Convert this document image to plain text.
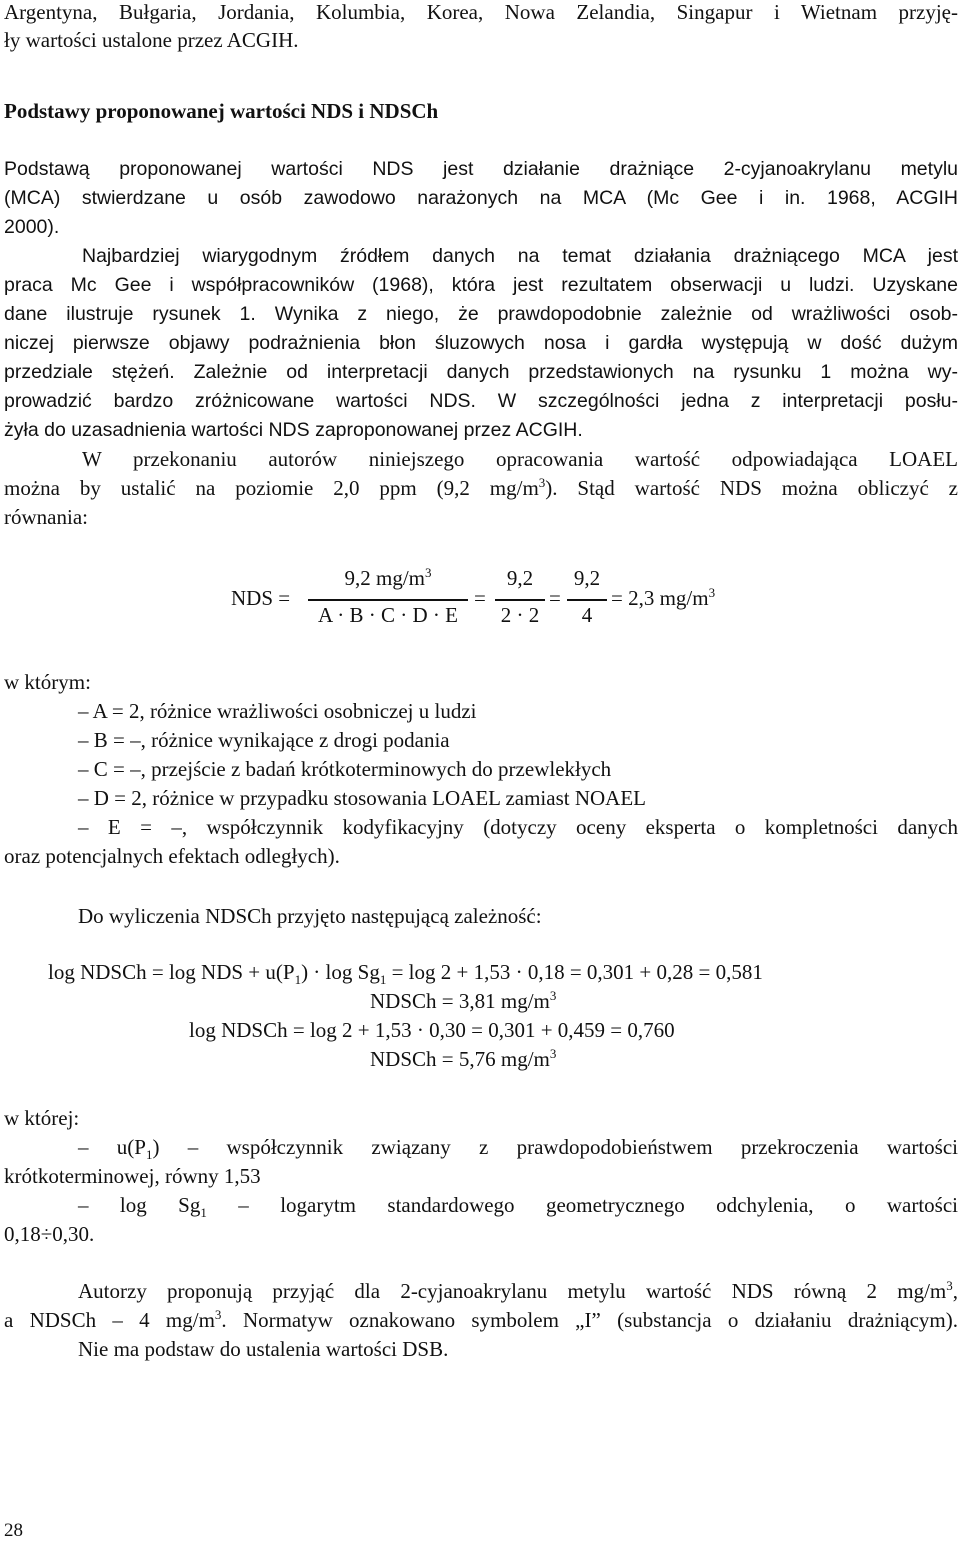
Argentyna, Bułgaria, Jordania, Kolumbia, Korea, Nowa Zelandia, Singapur i Wietnam przyję-
ły wartości ustalone przez ACGIH.
Podstawy proponowanej wartości NDS i NDSCh
Podstawą proponowanej wartości NDS jest działanie drażniące 2-cyjanoakrylanu metylu
(MCA) stwierdzane u osób zawodowo narażonych na MCA (Mc Gee i in. 1968, ACGIH
2000).
Najbardziej wiarygodnym źródłem danych na temat działania drażniącego MCA jest
praca Mc Gee i współpracowników (1968), która jest rezultatem obserwacji u ludzi. Uzyskane
dane ilustruje rysunek 1. Wynika z niego, że prawdopodobnie zależnie od wrażliwości osob-
niczej pierwsze objawy podrażnienia błon śluzowych nosa i gardła występują w dość dużym
przedziale stężeń. Zależnie od interpretacji danych przedstawionych na rysunku 1 można wy-
prowadzić bardzo zróżnicowane wartości NDS. W szczególności jedna z interpretacji posłu-
żyła do uzasadnienia wartości NDS zaproponowanej przez ACGIH.
W przekonaniu autorów niniejszego opracowania wartość odpowiadająca LOAEL
można by ustalić na poziomie 2,0 ppm (9,2 $mg/m^3$). Stąd wartość NDS można obliczyć z
równania:
NDS =
9,2 $mg/m^3$
A · B · C · D · E
=
9,2
2 · 2
=
9,2
4
= 2,3 $mg/m^3$
w którym:
– A = 2, różnice wrażliwości osobniczej u ludzi
– B = –, różnice wynikające z drogi podania
– C = –, przejście z badań krótkoterminowych do przewlekłych
– D = 2, różnice w przypadku stosowania LOAEL zamiast NOAEL
– E = –, współczynnik kodyfikacyjny (dotyczy oceny eksperta o kompletności danych
oraz potencjalnych efektach odległych).
Do wyliczenia NDSCh przyjęto następującą zależność:
log NDSCh = log NDS + $u(P_1) \cdot \log Sg_1 = \log 2 + 1,53 \cdot 0,18 = 0,301 + 0,28 = 0,581$
NDSCh = 3,81 $mg/m^3$
log NDSCh = log 2 + 1,53 · 0,30 = 0,301 + 0,459 = 0,760
NDSCh = 5,76 $mg/m^3$
w której:
– $u(P_1)$ – współczynnik związany z prawdopodobieństwem przekroczenia wartości
krótkoterminowej, równy 1,53
– $\log Sg_1$ – logarytm standardowego geometrycznego odchylenia, o wartości
0,18÷0,30.
Autorzy proponują przyjąć dla 2-cyjanoakrylanu metylu wartość NDS równą 2 $mg/m^3$,
a NDSCh – 4 $mg/m^3$. Normatyw oznakowano symbolem „I” (substancja o działaniu drażniącym).
Nie ma podstaw do ustalenia wartości DSB.
28
